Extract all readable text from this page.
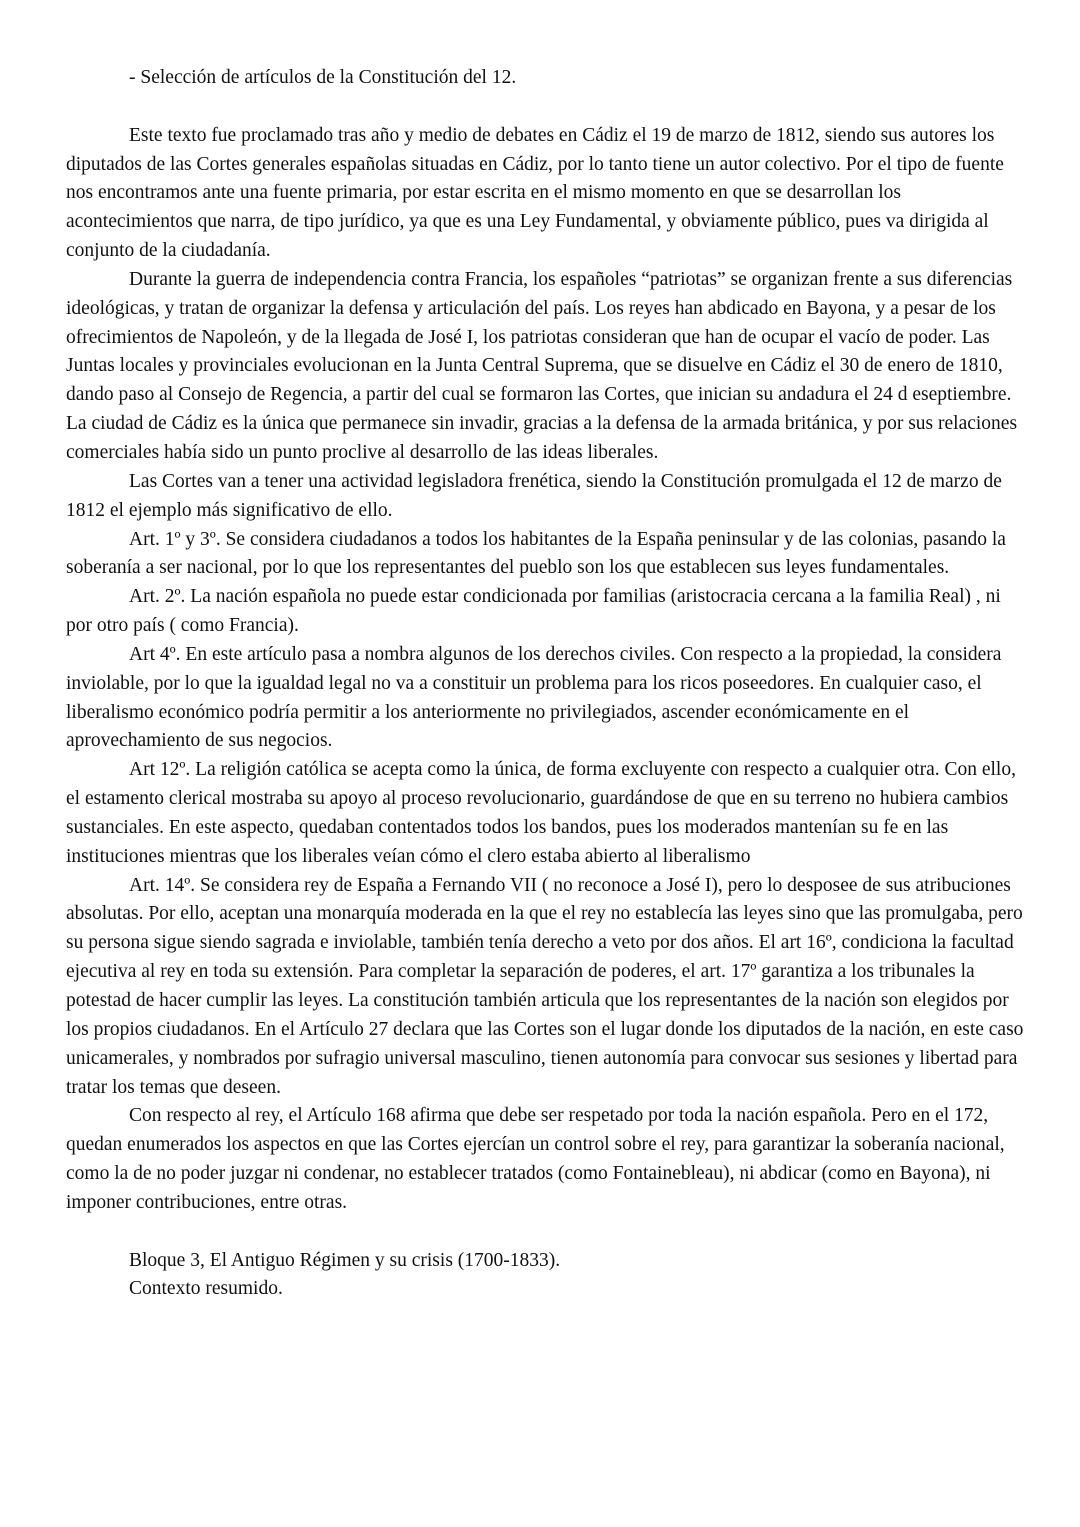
- Selección de artículos de la Constitución del 12.

Este texto fue proclamado tras año y medio de debates en Cádiz el 19 de marzo de 1812, siendo sus autores los diputados de las Cortes generales españolas situadas en Cádiz, por lo tanto tiene un autor colectivo. Por el tipo de fuente nos encontramos ante una fuente primaria, por estar escrita en el mismo momento en que se desarrollan los acontecimientos que narra, de tipo jurídico, ya que es una Ley Fundamental, y obviamente público, pues va dirigida al conjunto de la ciudadanía.

Durante la guerra de independencia contra Francia, los españoles “patriotas” se organizan frente a sus diferencias ideológicas, y tratan de organizar la defensa y articulación del país. Los reyes han abdicado en Bayona, y a pesar de los ofrecimientos de Napoleón, y de la llegada de José I, los patriotas consideran que han de ocupar el vacío de poder. Las Juntas locales y provinciales evolucionan en la Junta Central Suprema, que se disuelve en Cádiz el 30 de enero de 1810, dando paso al Consejo de Regencia, a partir del cual se formaron las Cortes, que inician su andadura el 24 d eseptiembre. La ciudad de Cádiz es la única que permanece sin invadir, gracias a la defensa de la armada británica, y por sus relaciones comerciales había sido un punto proclive al desarrollo de las ideas liberales.

Las Cortes van a tener una actividad legisladora frenética, siendo la Constitución promulgada el 12 de marzo de 1812 el ejemplo más significativo de ello.

Art. 1º y 3º. Se considera ciudadanos a todos los habitantes de la España peninsular y de las colonias, pasando la soberanía a ser nacional, por lo que los representantes del pueblo son los que establecen sus leyes fundamentales.

Art. 2º. La nación española no puede estar condicionada por familias (aristocracia cercana a la familia Real) , ni por otro país ( como Francia).

Art 4º. En este artículo pasa a nombra algunos de los derechos civiles. Con respecto a la propiedad, la considera inviolable, por lo que la igualdad legal no va a constituir un problema para los ricos poseedores. En cualquier caso, el liberalismo económico podría permitir a los anteriormente no privilegiados, ascender económicamente en el aprovechamiento de sus negocios.

Art 12º. La religión católica se acepta como la única, de forma excluyente con respecto a cualquier otra. Con ello, el estamento clerical mostraba su apoyo al proceso revolucionario, guardándose de que en su terreno no hubiera cambios sustanciales. En este aspecto, quedaban contentados todos los bandos, pues los moderados mantenían su fe en las instituciones mientras que los liberales veían cómo el clero estaba abierto al liberalismo

Art. 14º. Se considera rey de España a Fernando VII ( no reconoce a José I), pero lo desposee de sus atribuciones absolutas. Por ello, aceptan una monarquía moderada en la que el rey no establecía las leyes sino que las promulgaba, pero su persona sigue siendo sagrada e inviolable, también tenía derecho a veto por dos años. El art 16º, condiciona la facultad ejecutiva al rey en toda su extensión. Para completar la separación de poderes, el art. 17º garantiza a los tribunales la potestad de hacer cumplir las leyes. La constitución también articula que los representantes de la nación son elegidos por los propios ciudadanos. En el Artículo 27 declara que las Cortes son el lugar donde los diputados de la nación, en este caso unicamerales, y nombrados por sufragio universal masculino, tienen autonomía para convocar sus sesiones y libertad para tratar los temas que deseen.

Con respecto al rey, el Artículo 168 afirma que debe ser respetado por toda la nación española. Pero en el 172, quedan enumerados los aspectos en que las Cortes ejercían un control sobre el rey, para garantizar la soberanía nacional, como la de no poder juzgar ni condenar, no establecer tratados (como Fontainebleau), ni abdicar (como en Bayona), ni imponer contribuciones, entre otras.

Bloque 3, El Antiguo Régimen y su crisis (1700-1833).

Contexto resumido.
